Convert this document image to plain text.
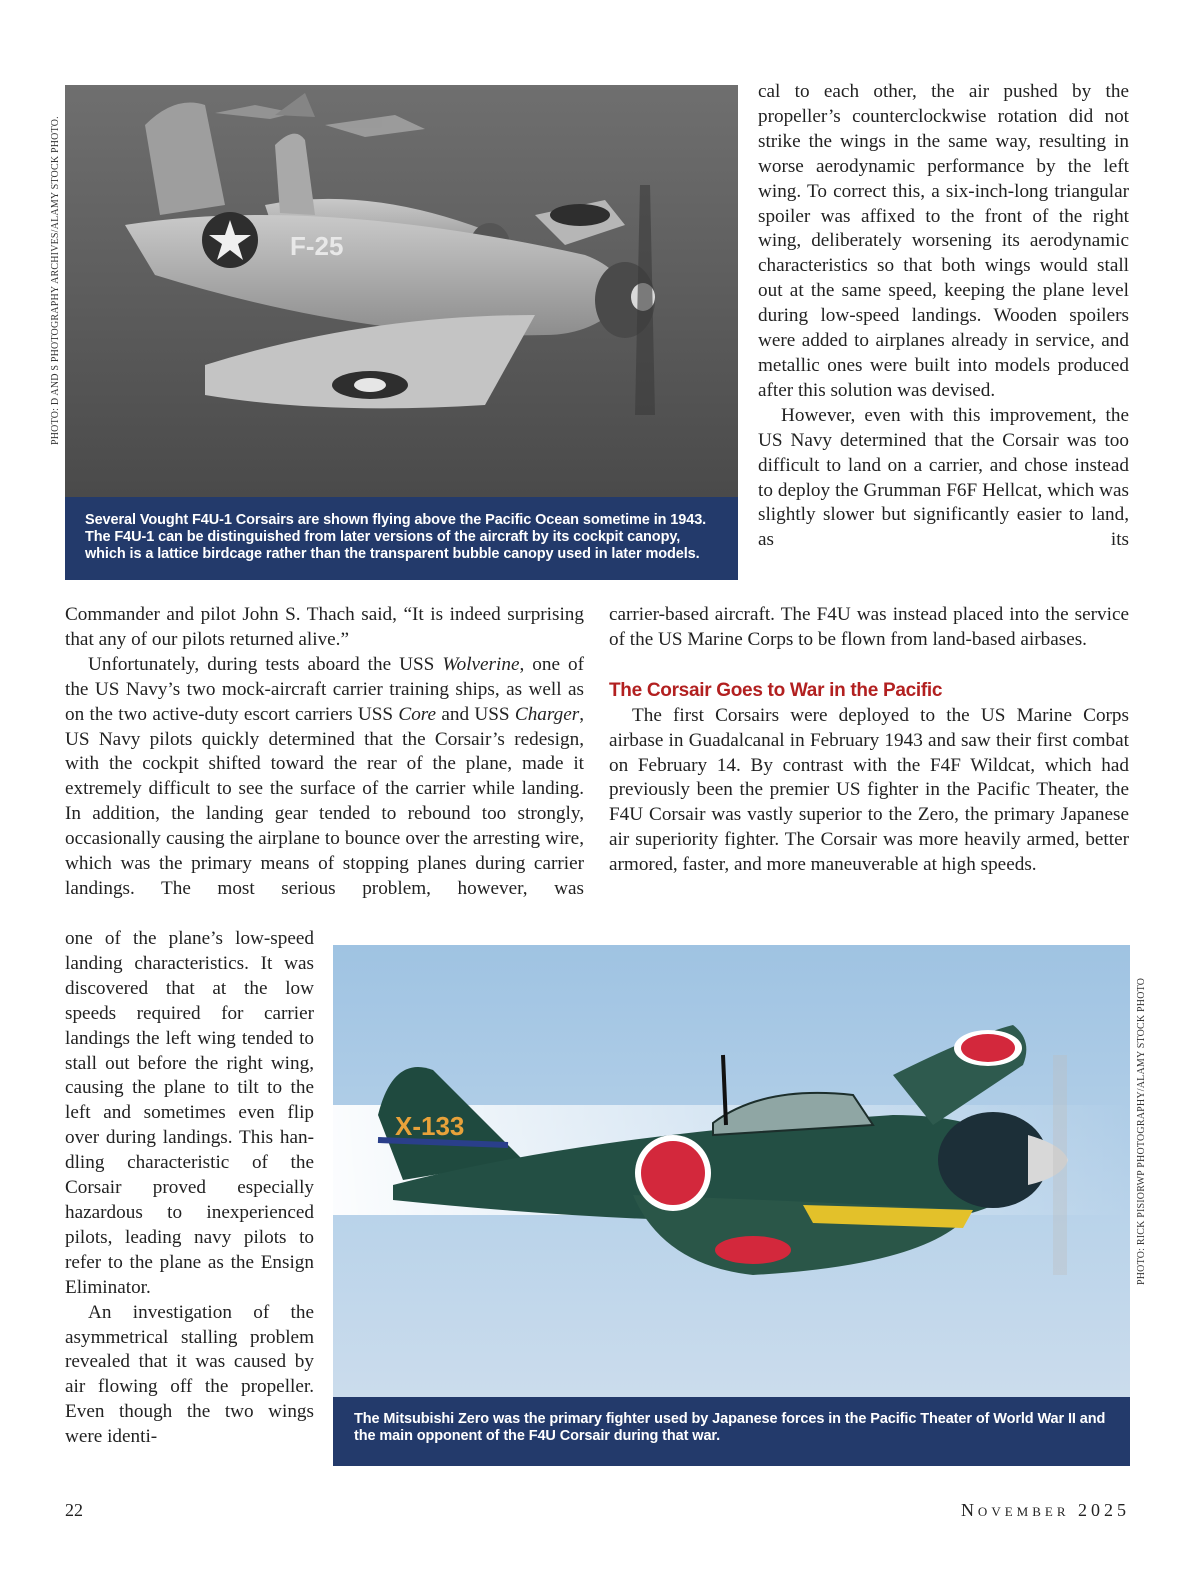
PHOTO: D AND S PHOTOGRAPHY ARCHIVES/ALAMY STOCK PHOTO.
PHOTO: RICK PISIORWP PHOTOGRAPHY/ALAMY STOCK PHOTO
F-25
Several Vought F4U-1 Corsairs are shown flying above the Pacific Ocean sometime in 1943. The F4U-1 can be distinguished from later versions of the aircraft by its cockpit canopy, which is a lattice birdcage rather than the transparent bubble canopy used in later models.

cal to each other, the air pushed by the propeller’s counterclockwise rotation did not strike the wings in the same way, resulting in worse aerodynamic performance by the left wing. To correct this, a six-inch-long triangular spoiler was affixed to the front of the right wing, deliberately worsening its aerodynamic characteristics so that both wings would stall out at the same speed, keeping the plane level during low-speed landings. Wooden spoilers were added to airplanes already in service, and metallic ones were built into models produced after this solution was devised.

However, even with this improvement, the US Navy determined that the Corsair was too difficult to land on a carrier, and chose instead to deploy the Grumman F6F Hellcat, which was slightly slower but significantly easier to land, as its

carrier-based aircraft. The F4U was instead placed into the service of the US Marine Corps to be flown from land-based airbases.

The Corsair Goes to War in the Pacific

The first Corsairs were deployed to the US Marine Corps airbase in Guadalcanal in February 1943 and saw their first combat on February 14. By contrast with the F4F Wildcat, which had previously been the premier US fighter in the Pacific Theater, the F4U Corsair was vastly superior to the Zero, the primary Japanese air superiority fighter. The Corsair was more heavily armed, better armored, faster, and more maneuverable at high speeds.

Commander and pilot John S. Thach said, “It is indeed surprising that any of our pilots returned alive.”

Unfortunately, during tests aboard the USS Wolverine, one of the US Navy’s two mock-aircraft carrier training ships, as well as on the two active-duty escort carriers USS Core and USS Charger, US Navy pilots quickly determined that the Corsair’s redesign, with the cockpit shifted toward the rear of the plane, made it extremely difficult to see the surface of the carrier while landing. In addition, the landing gear tended to rebound too strongly, occasionally causing the airplane to bounce over the arresting wire, which was the primary means of stopping planes during carrier landings. The most serious problem, however, was

one of the plane’s low-speed landing characteristics. It was discovered that at the low speeds required for carrier landings the left wing tended to stall out before the right wing, causing the plane to tilt to the left and sometimes even flip over during landings. This handling characteristic of the Corsair proved especially hazardous to inexperienced pilots, leading navy pilots to refer to the plane as the Ensign Eliminator.

An investigation of the asymmetrical stalling problem revealed that it was caused by air flowing off the propeller. Even though the two wings were identi-

X-133
The Mitsubishi Zero was the primary fighter used by Japanese forces in the Pacific Theater of World War II and the main opponent of the F4U Corsair during that war.
22	November 2025
